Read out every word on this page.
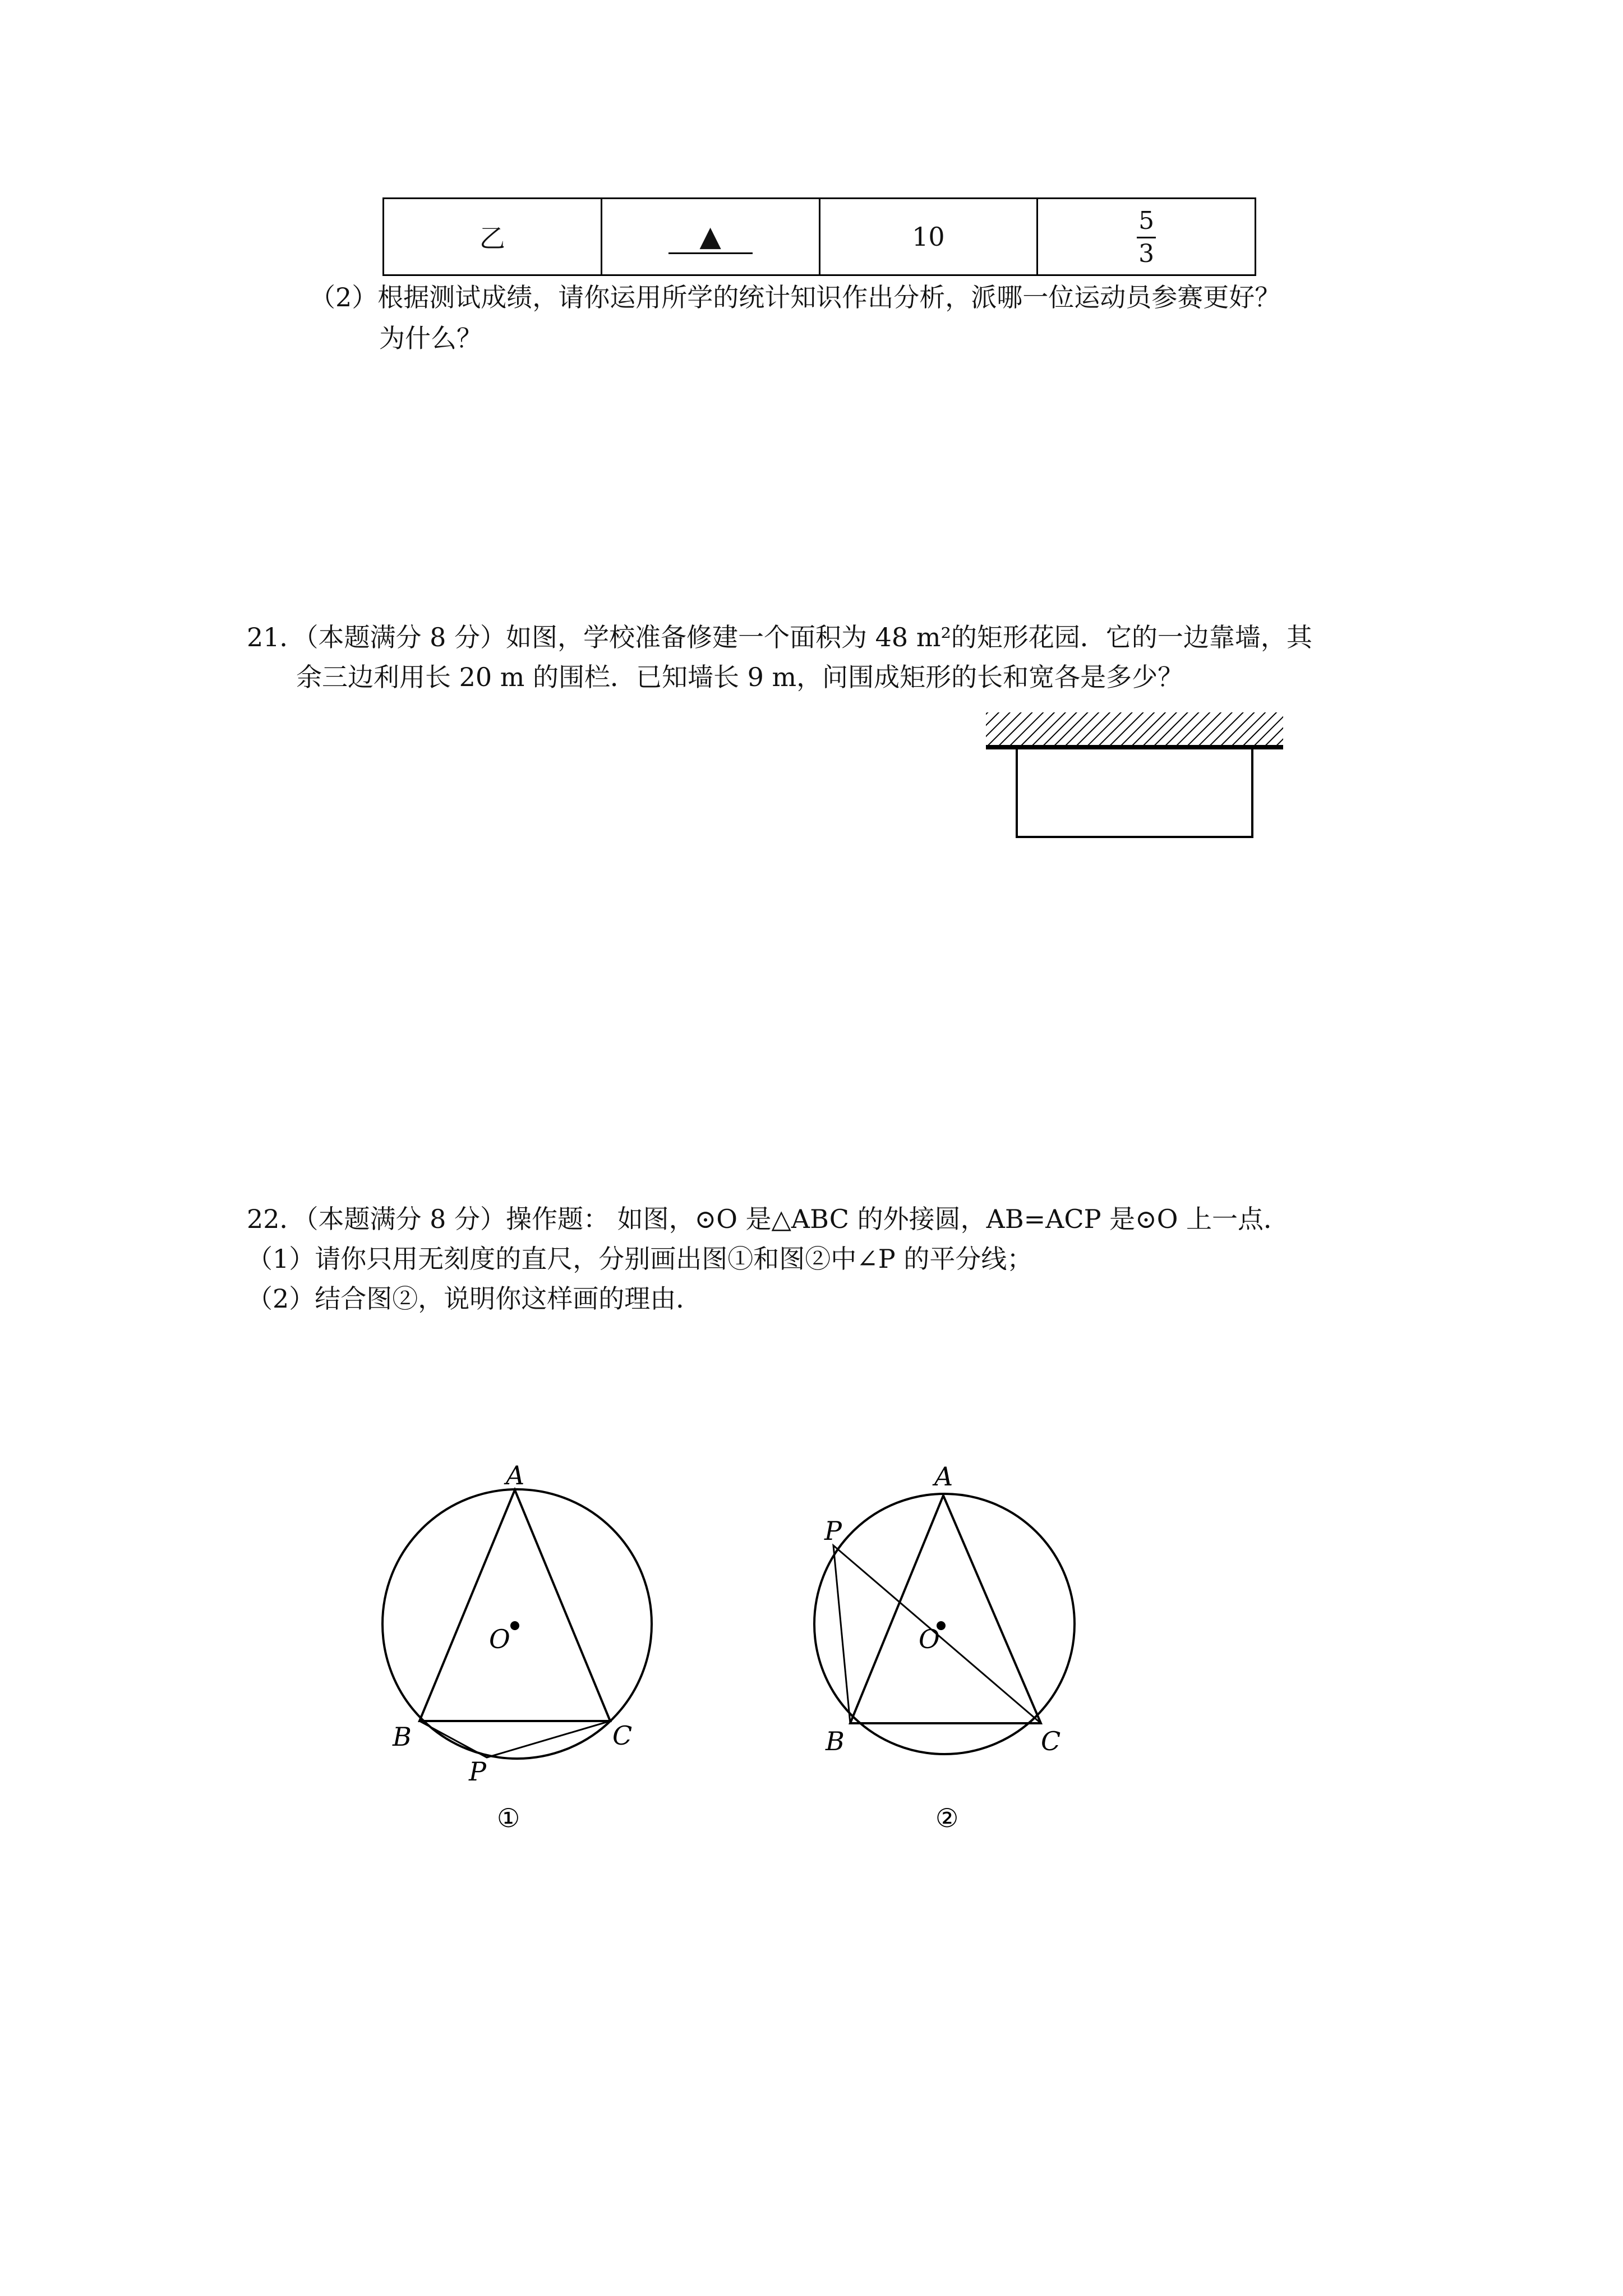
乙	▲	10	$\frac{5}{3}$
（2）根据测试成绩，请你运用所学的统计知识作出分析，派哪一位运动员参赛更好？
为什么？
21．（本题满分 8 分）如图，学校准备修建一个面积为 48 m²的矩形花园．它的一边靠墙，其
余三边利用长 20 m 的围栏．已知墙长 9 m，问围成矩形的长和宽各是多少？
22．（本题满分 8 分）操作题： 如图，⊙O 是△ABC 的外接圆，AB=ACP 是⊙O 上一点．
（1）请你只用无刻度的直尺，分别画出图①和图②中∠P 的平分线；
（2）结合图②，说明你这样画的理由．
A
B	C
O
P
①
A
P
B	C
O
②
